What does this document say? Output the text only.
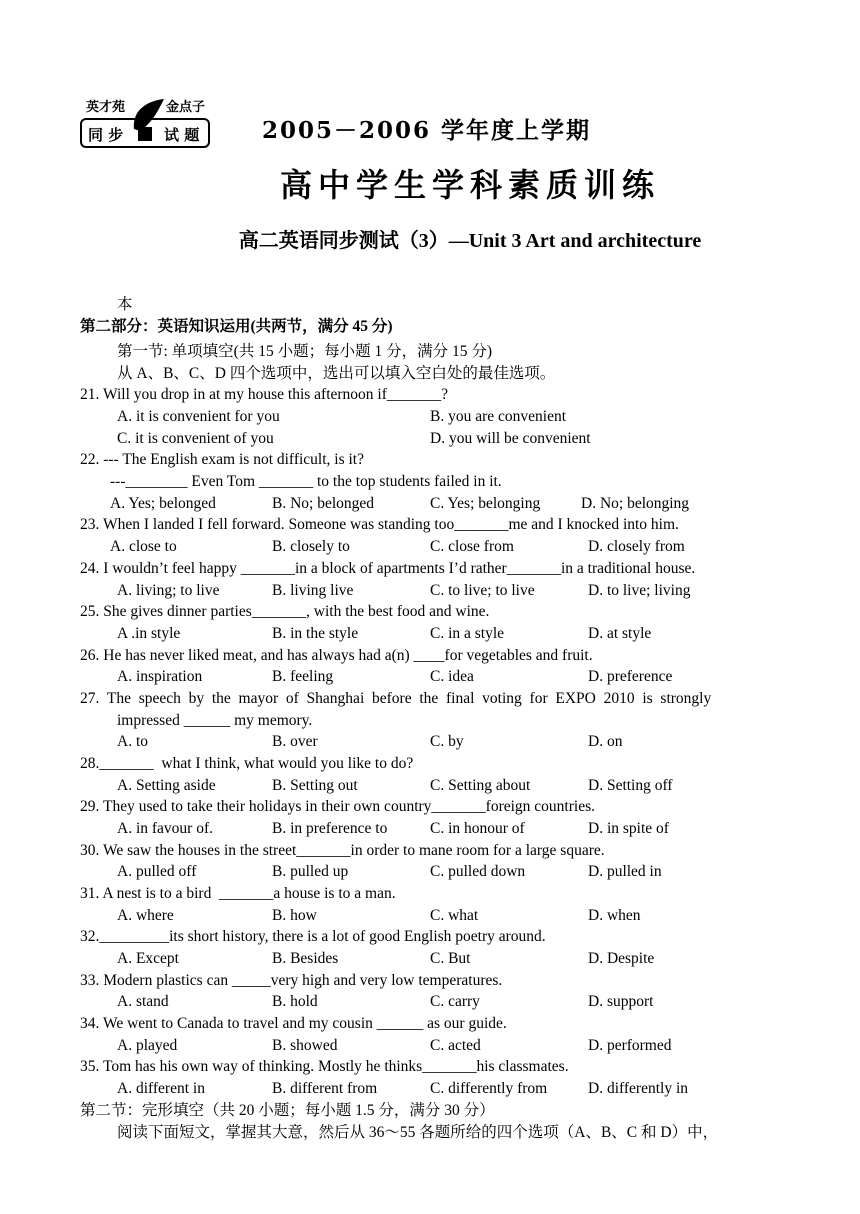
英才苑	金点子
同 步	试 题	2005－2006 学年度上学期
高中学生学科素质训练
高二英语同步测试（3）—Unit 3 Art and architecture
本
第二部分：英语知识运用(共两节，满分 45 分)
第一节: 单项填空(共 15 小题；每小题 1 分，满分 15 分)
从 A、B、C、D 四个选项中，选出可以填入空白处的最佳选项。
21. Will you drop in at my house this afternoon if_______?
A. it is convenient for you	B. you are convenient
C. it is convenient of you	D. you will be convenient
22. --- The English exam is not difficult, is it?
---________ Even Tom _______ to the top students failed in it.
A. Yes; belonged	B. No; belonged	C. Yes; belonging	D. No; belonging
23. When I landed I fell forward. Someone was standing too_______me and I knocked into him.
A. close to	B. closely to	C. close from	D. closely from
24. I wouldn’t feel happy _______in a block of apartments I’d rather_______in a traditional house.
A. living; to live	B. living live	C. to live; to live	D. to live; living
25. She gives dinner parties_______, with the best food and wine.
A .in style	B. in the style	C. in a style	D. at style
26. He has never liked meat, and has always had a(n) ____for vegetables and fruit.
A. inspiration	B. feeling	C. idea	D. preference
27.  The  speech  by  the  mayor  of  Shanghai  before  the  final  voting  for  EXPO  2010  is  strongly
impressed ______ my memory.
A. to	B. over	C. by	D. on
28._______  what I think, what would you like to do?
A. Setting aside	B. Setting out	C. Setting about	D. Setting off
29. They used to take their holidays in their own country_______foreign countries.
A. in favour of.	B. in preference to	C. in honour of	D. in spite of
30. We saw the houses in the street_______in order to mane room for a large square.
A. pulled off	B. pulled up	C. pulled down	D. pulled in
31. A nest is to a bird  _______a house is to a man.
A. where	B. how	C. what	D. when
32._________its short history, there is a lot of good English poetry around.
A. Except	B. Besides	C. But	D. Despite
33. Modern plastics can _____very high and very low temperatures.
A. stand	B. hold	C. carry	D. support
34. We went to Canada to travel and my cousin ______ as our guide.
A. played	B. showed	C. acted	D. performed
35. Tom has his own way of thinking. Mostly he thinks_______his classmates.
A. different in	B. different from	C. differently from	D. differently in
第二节：完形填空（共 20 小题；每小题 1.5 分，满分 30 分）
阅读下面短文，掌握其大意，然后从 36～55 各题所给的四个选项（A、B、C 和 D）中，
